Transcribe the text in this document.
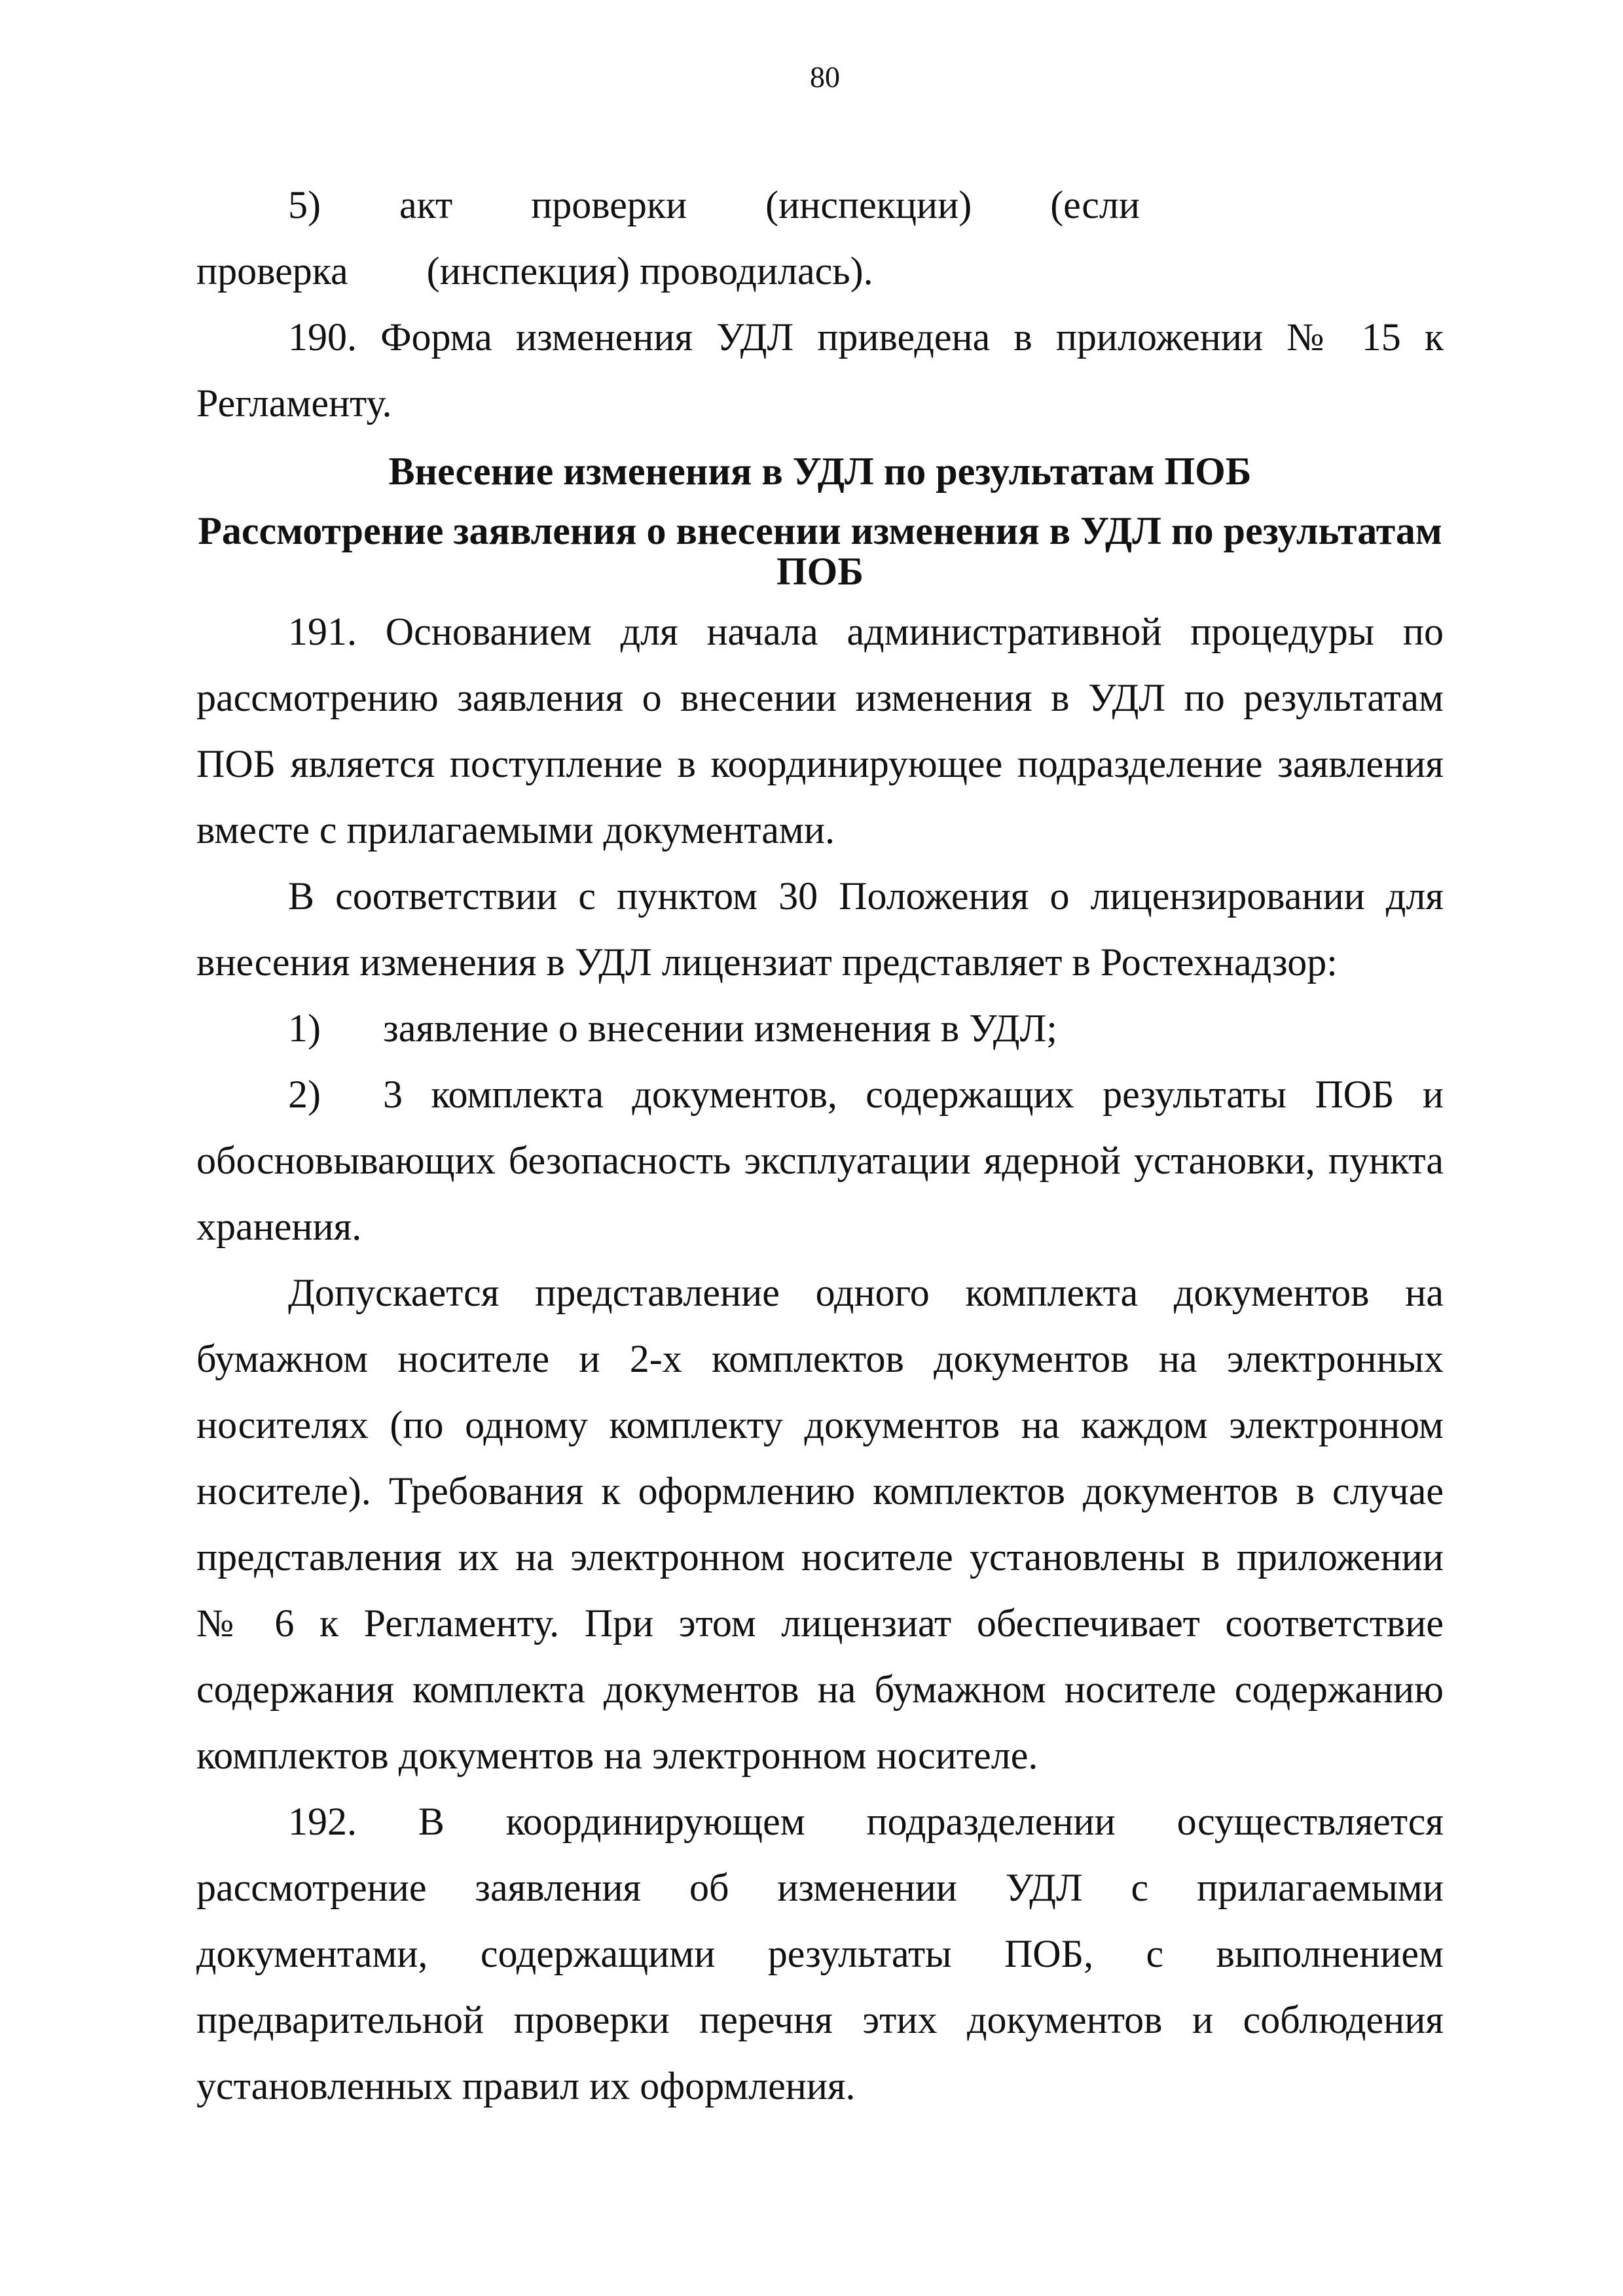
80

5)  акт  проверки  (инспекции)  (если  проверка  (инспекция) проводилась).

190. Форма изменения УДЛ приведена в приложении № 15 к Регламенту.

Внесение изменения в УДЛ по результатам ПОБ

Рассмотрение заявления о внесении изменения в УДЛ по результатам ПОБ

191. Основанием для начала административной процедуры по рассмотрению заявления о внесении изменения в УДЛ по результатам ПОБ является поступление в координирующее подразделение заявления вместе с прилагаемыми документами.

В соответствии с пунктом 30 Положения о лицензировании для внесения изменения в УДЛ лицензиат представляет в Ростехнадзор:

1) заявление о внесении изменения в УДЛ;

2) 3 комплекта документов, содержащих результаты ПОБ и обосновывающих безопасность эксплуатации ядерной установки, пункта хранения.

Допускается представление одного комплекта документов на бумажном носителе и 2-х комплектов документов на электронных носителях (по одному комплекту документов на каждом электронном носителе). Требования к оформлению комплектов документов в случае представления их на электронном носителе установлены в приложении № 6 к Регламенту. При этом лицензиат обеспечивает соответствие содержания комплекта документов на бумажном носителе содержанию комплектов документов на электронном носителе.

192. В координирующем подразделении осуществляется рассмотрение заявления об изменении УДЛ с прилагаемыми документами, содержащими результаты ПОБ, с выполнением предварительной проверки перечня этих документов и соблюдения установленных правил их оформления.
